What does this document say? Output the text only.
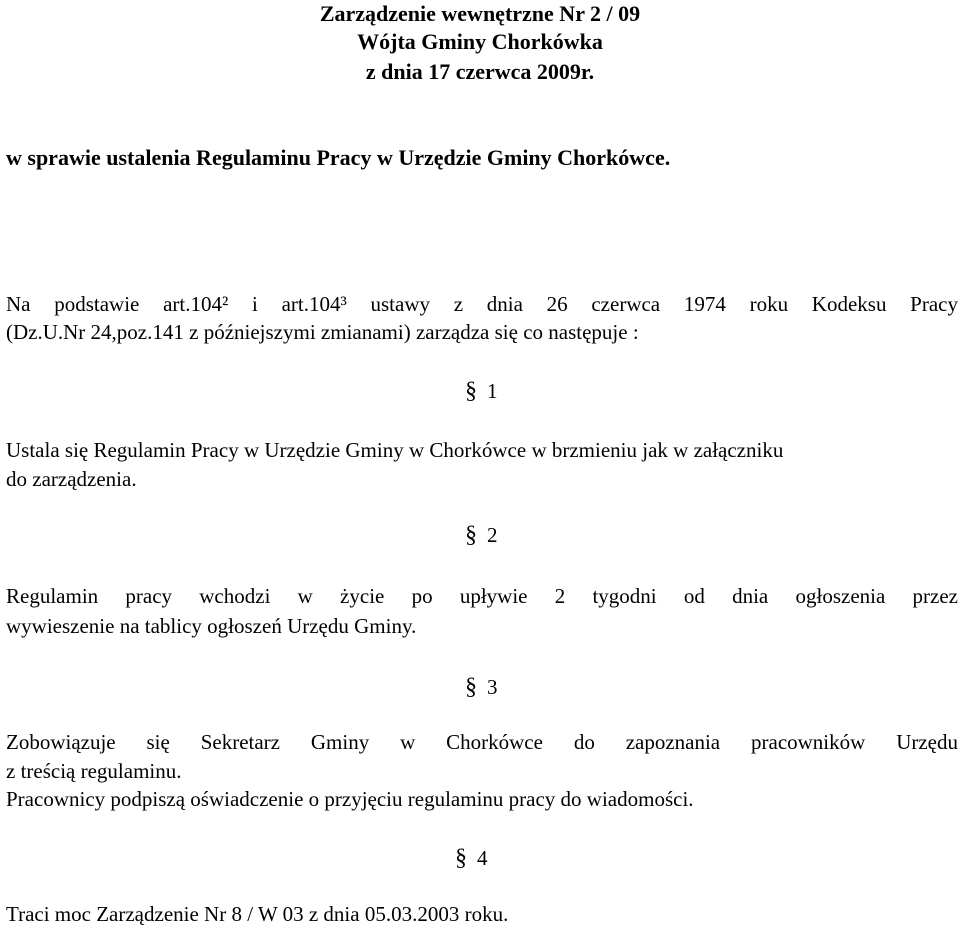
Zarządzenie wewnętrzne Nr 2 / 09
Wójta Gminy Chorkówka
z dnia 17 czerwca 2009r.
w sprawie ustalenia Regulaminu Pracy w Urzędzie Gminy Chorkówce.
Na podstawie art.104² i art.104³ ustawy z dnia 26 czerwca 1974 roku Kodeksu Pracy
(Dz.U.Nr 24,poz.141 z późniejszymi zmianami) zarządza się co następuje :
§ 1
Ustala się Regulamin Pracy w Urzędzie Gminy w Chorkówce w brzmieniu jak w załączniku
do zarządzenia.
§ 2
Regulamin pracy wchodzi w życie po upływie 2 tygodni od dnia ogłoszenia przez
wywieszenie na tablicy ogłoszeń Urzędu Gminy.
§ 3
Zobowiązuje się Sekretarz Gminy w Chorkówce do zapoznania pracowników Urzędu
z treścią regulaminu.
Pracownicy podpiszą oświadczenie o przyjęciu regulaminu pracy do wiadomości.
§ 4
Traci moc Zarządzenie Nr 8 / W 03 z dnia 05.03.2003 roku.
